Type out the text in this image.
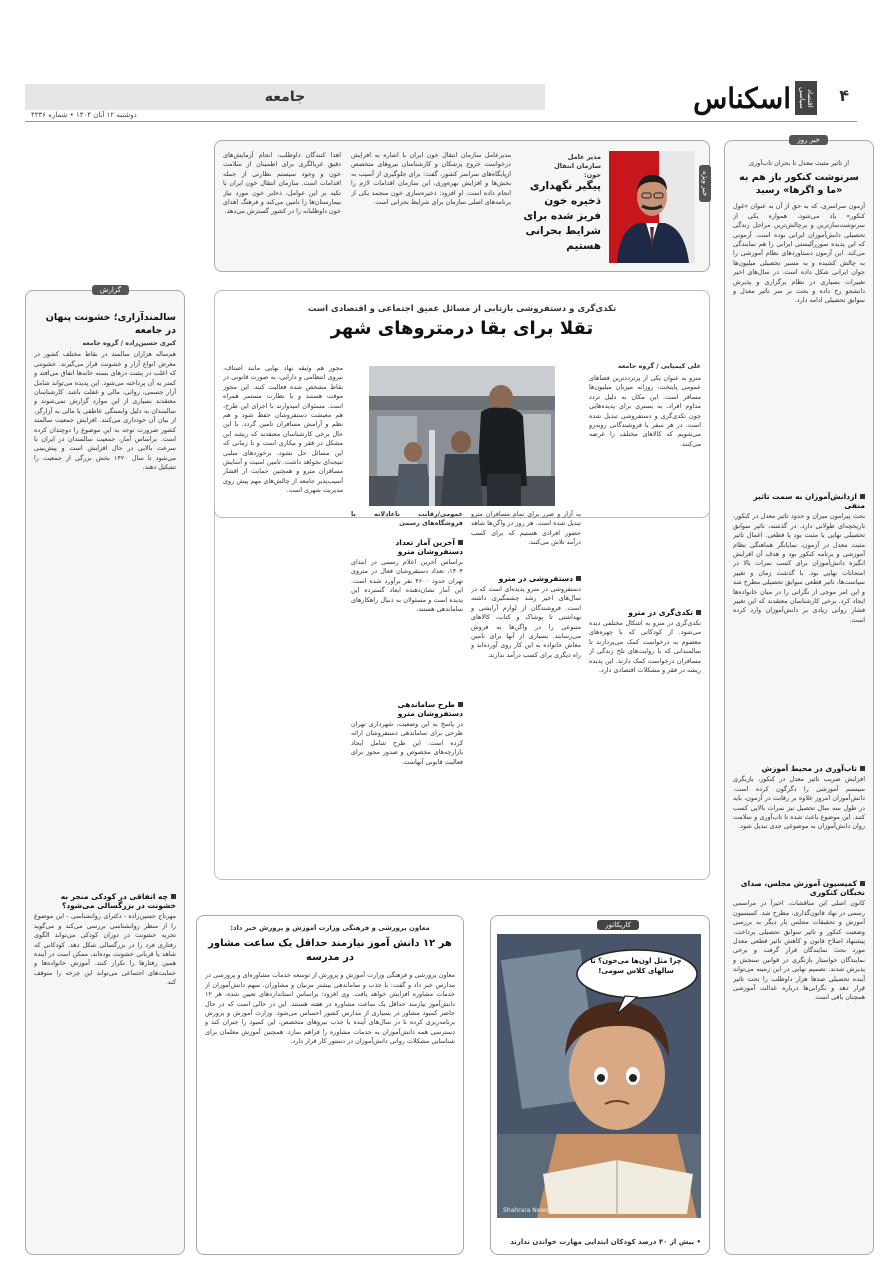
۴
اقتصاد سیاسی
اسکناس
جامعه
دوشنبه ۱۲ آبان ۱۴۰۴ • شماره ۴۳۳۶
خبر روز
از تاثیر مثبت معدل تا بحران تاب‌آوری
سرنوشت کنکور باز هم به «ما و اگرها» رسید
آزمون سراسری، که به حق از آن به عنوان «غول کنکور» یاد می‌شود، همواره یکی از سرنوشت‌سازترین و پرچالش‌ترین مراحل زندگی تحصیلی دانش‌آموزان ایرانی بوده است. آزمونی که این پدیده سوررآلیستی ایرانی را هم نمایندگی می‌کند. این آزمون دستاوردهای نظام آموزشی را به چالش کشیده و به مسیر تحصیلی میلیون‌ها جوان ایرانی شکل داده است. در سال‌های اخیر تغییرات بسیاری در نظام برگزاری و پذیرش دانشجو رخ داده و بحث بر سر تاثیر معدل و سوابق تحصیلی ادامه دارد.
ازدانش‌آموزان به سمت تاثیر منفی
بحث پیرامون میزان و حدود تاثیر معدل در کنکور، تاریخچه‌ای طولانی دارد. در گذشته، تاثیر سوابق تحصیلی نهایی یا مثبت بود یا قطعی. اعمال تاثیر مثبت معدل در آزمون، نمایانگر هماهنگی نظام آموزشی و برنامه کنکور بود و هدف آن افزایش انگیزه دانش‌آموزان برای کسب نمرات بالا در امتحانات نهایی بود. با گذشت زمان و تغییر سیاست‌ها، تاثیر قطعی سوابق تحصیلی مطرح شد و این امر موجی از نگرانی را در میان خانواده‌ها ایجاد کرد. برخی کارشناسان معتقدند که این تغییر فشار روانی زیادی بر دانش‌آموزان وارد کرده است.
تاب‌آوری در محیط آموزش
افزایش ضریب تاثیر معدل در کنکور، بازیگری سیستم آموزشی را دگرگون کرده است. دانش‌آموزان امروز علاوه بر رقابت در آزمون، باید در طول سه سال تحصیل نیز نمرات بالایی کسب کنند. این موضوع باعث شده تا تاب‌آوری و سلامت روان دانش‌آموزان به موضوعی جدی تبدیل شود.
کمیسیون آموزش مجلس، صدای نخبگان کنکوری
کانون اصلی این مناقشات، اخیراً در مراسمی رسمی در نهاد قانون‌گذاری، مطرح شد. کمیسیون آموزش و تحقیقات مجلس بار دیگر به بررسی وضعیت کنکور و تاثیر سوابق تحصیلی پرداخت. پیشنهاد اصلاح قانون و کاهش تاثیر قطعی معدل مورد بحث نمایندگان قرار گرفت و برخی نمایندگان خواستار بازنگری در قوانین سنجش و پذیرش شدند. تصمیم نهایی در این زمینه می‌تواند آینده تحصیلی صدها هزار داوطلب را تحت تاثیر قرار دهد و نگرانی‌ها درباره عدالت آموزشی همچنان باقی است.
خبر ویژه
مدیر عامل سازمان انتقال خون:
پیگیر نگهداری ذخیره خون فریز شده برای شرایط بحرانی هستیم
مدیرعامل سازمان انتقال خون ایران با اشاره به افزایش درخواست خروج پزشکان و کارشناسان نیروهای متخصص ازپایگاه‌های سراسر کشور، گفت: برای جلوگیری از آسیب به بخش‌ها و افزایش بهره‌وری، این سازمان اقدامات لازم را انجام داده است. او افزود: ذخیره‌سازی خون منجمد یکی از برنامه‌های اصلی سازمان برای شرایط بحرانی است.
اهدا کنندگان داوطلب، انجام آزمایش‌های دقیق غربالگری برای اطمینان از سلامت خون و وجود سیستم نظارتی از جمله اقدامات است. سازمان انتقال خون ایران با تکیه بر این عوامل، ذخایر خون مورد نیاز بیمارستان‌ها را تامین می‌کند و فرهنگ اهدای خون داوطلبانه را در کشور گسترش می‌دهد.
گزارش
سالمندآزاری؛ خشونت پنهان در جامعه
کبری حسین‌زاده / گروه جامعه
هم‌ساله هزاران سالمند در نقاط مختلف کشور در معرض انواع آزار و خشونت قرار می‌گیرند. خشونتی که اغلب در پشت درهای بسته خانه‌ها اتفاق می‌افتد و کمتر به آن پرداخته می‌شود. این پدیده می‌تواند شامل آزار جسمی، روانی، مالی و غفلت باشد. کارشناسان معتقدند بسیاری از این موارد گزارش نمی‌شوند و سالمندان به دلیل وابستگی عاطفی یا مالی به آزارگر، از بیان آن خودداری می‌کنند. افزایش جمعیت سالمند کشور ضرورت توجه به این موضوع را دوچندان کرده است. براساس آمار، جمعیت سالمندان در ایران با سرعت بالایی در حال افزایش است و پیش‌بینی می‌شود تا سال ۱۴۲۰ بخش بزرگی از جمعیت را تشکیل دهند.
چه اتفاقی در کودکی منجر به خشونت در بزرگسالی می‌شود؟
مهرتاج حسین‌زاده - دکترای روانشناسی - این موضوع را از منظر روانشناسی بررسی می‌کند و می‌گوید تجربه خشونت در دوران کودکی می‌تواند الگوی رفتاری فرد را در بزرگسالی شکل دهد. کودکانی که شاهد یا قربانی خشونت بوده‌اند، ممکن است در آینده همین رفتارها را تکرار کنند. آموزش خانواده‌ها و حمایت‌های اجتماعی می‌تواند این چرخه را متوقف کند.
تکدی‌گری و دستفروشی بازتابی از مسائل عمیق اجتماعی و اقتصادی است
تقلا برای بقا درمتروهای شهر
علی کیمیایی / گروه جامعه
مترو به عنوان یکی از پرترددترین فضاهای عمومی پایتخت، روزانه میزبان میلیون‌ها مسافر است. این مکان به دلیل تردد مداوم افراد، به بستری برای پدیده‌هایی چون تکدی‌گری و دستفروشی تبدیل شده است. در هر سفر با فروشندگانی روبه‌رو می‌شویم که کالاهای مختلف را عرضه می‌کنند.
تکدی‌گری در مترو
تکدی‌گری در مترو به اشکال مختلفی دیده می‌شود. از کودکانی که با چهره‌های معصوم به درخواست کمک می‌پردازند تا سالمندانی که با روایت‌های تلخ زندگی از مسافران درخواست کمک دارند. این پدیده ریشه در فقر و مشکلات اقتصادی دارد.
به آزار و ضرر برای تمام مسافران مترو تبدیل شده است. هر روز در واگن‌ها شاهد حضور افرادی هستیم که برای کسب درآمد تلاش می‌کنند.
دستفروشی در مترو
دستفروشی در مترو پدیده‌ای است که در سال‌های اخیر رشد چشمگیری داشته است. فروشندگان از لوازم آرایشی و بهداشتی تا پوشاک و کتاب، کالاهای متنوعی را در واگن‌ها به فروش می‌رسانند. بسیاری از آنها برای تامین معاش خانواده به این کار روی آورده‌اند و راه دیگری برای کسب درآمد ندارند.
عمومی/رقابت ناعادلانه با فروشگاه‌های رسمی
آخرین آمار تعداد دستفروشان مترو
براساس آخرین اعلام رسمی در ابتدای ۱۴۰۴، تعداد دستفروشان فعال در متروی تهران حدود ۴۶۰۰ نفر برآورد شده است. این آمار نشان‌دهنده ابعاد گسترده این پدیده است و مسئولان به دنبال راهکارهای ساماندهی هستند.
طرح ساماندهی دستفروشان مترو
در پاسخ به این وضعیت، شهرداری تهران طرحی برای ساماندهی دستفروشان ارائه کرده است. این طرح شامل ایجاد بازارچه‌های مخصوص و صدور مجوز برای فعالیت قانونی آنهاست.
مجوز هم وثیقه نهاد نهایی مانند اصناف، نیروی انتظامی و دارایی، به صورت قانونی در نقاط مشخص شده فعالیت کنند. این مجوز موقت هستند و با نظارت مستمر همراه است. مسئولان امیدوارند با اجرای این طرح، هم معیشت دستفروشان حفظ شود و هم نظم و آرامش مسافران تامین گردد. با این حال برخی کارشناسان معتقدند که ریشه این مشکل در فقر و بیکاری است و تا زمانی که این مسائل حل نشود، برخوردهای سلبی نتیجه‌ای نخواهد داشت. تامین امنیت و آسایش مسافران مترو و همچنین حمایت از اقشار آسیب‌پذیر جامعه از چالش‌های مهم پیش روی مدیریت شهری است.
کاریکاتور
چرا مثل اون‌ها می‌خون؟ تا سالهای کلاس سومی!
Shahrara News
• بیش از ۴۰ درصد کودکان ابتدایی مهارت خواندن ندارند
معاون پرورشی و فرهنگی وزارت آموزش و پرورش خبر داد:
هر ۱۲ دانش آموز نیازمند حداقل یک ساعت مشاور در مدرسه
معاون پرورشی و فرهنگی وزارت آموزش و پرورش از توسعه خدمات مشاوره‌ای و پرورشی در مدارس خبر داد و گفت: با جذب و ساماندهی بیشتر مربیان و مشاوران، سهم دانش‌آموزان از خدمات مشاوره افزایش خواهد یافت. وی افزود: براساس استانداردهای تعیین شده، هر ۱۲ دانش‌آموز نیازمند حداقل یک ساعت مشاوره در هفته هستند. این در حالی است که در حال حاضر کمبود مشاور در بسیاری از مدارس کشور احساس می‌شود. وزارت آموزش و پرورش برنامه‌ریزی کرده تا در سال‌های آینده با جذب نیروهای متخصص، این کمبود را جبران کند و دسترسی همه دانش‌آموزان به خدمات مشاوره را فراهم سازد. همچنین آموزش معلمان برای شناسایی مشکلات روانی دانش‌آموزان در دستور کار قرار دارد.
